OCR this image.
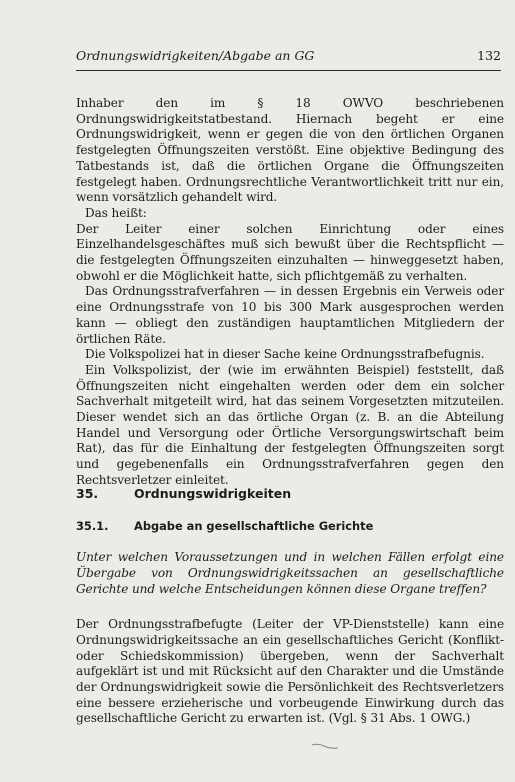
Ordnungswidrigkeiten/Abgabe an GG	132

Inhaber den im § 18 OWVO beschriebenen Ordnungswidrigkeitstatbestand. Hiernach begeht er eine Ordnungswidrigkeit, wenn er gegen die von den örtlichen Organen festgelegten Öffnungszeiten verstößt. Eine objektive Bedingung des Tatbestands ist, daß die örtlichen Organe die Öffnungszeiten festgelegt haben. Ordnungsrechtliche Verantwortlichkeit tritt nur ein, wenn vorsätzlich gehandelt wird.

Das heißt:

Der Leiter einer solchen Einrichtung oder eines Einzelhandelsgeschäftes muß sich bewußt über die Rechtspflicht — die festgelegten Öffnungszeiten einzuhalten — hinweggesetzt haben, obwohl er die Möglichkeit hatte, sich pflichtgemäß zu verhalten.

Das Ordnungsstrafverfahren — in dessen Ergebnis ein Verweis oder eine Ordnungsstrafe von 10 bis 300 Mark ausgesprochen werden kann — obliegt den zuständigen hauptamtlichen Mitgliedern der örtlichen Räte.

Die Volkspolizei hat in dieser Sache keine Ordnungsstrafbefugnis.

Ein Volkspolizist, der (wie im erwähnten Beispiel) feststellt, daß Öffnungszeiten nicht eingehalten werden oder dem ein solcher Sachverhalt mitgeteilt wird, hat das seinem Vorgesetzten mitzuteilen. Dieser wendet sich an das örtliche Organ (z. B. an die Abteilung Handel und Versorgung oder Örtliche Versorgungswirtschaft beim Rat), das für die Einhaltung der festgelegten Öffnungszeiten sorgt und gegebenenfalls ein Ordnungsstrafverfahren gegen den Rechtsverletzer einleitet.

35.	Ordnungswidrigkeiten
35.1. Abgabe an gesellschaftliche Gerichte

Unter welchen Voraussetzungen und in welchen Fällen erfolgt eine Übergabe von Ordnungswidrigkeitssachen an gesellschaftliche Gerichte und welche Entscheidungen können diese Organe treffen?

Der Ordnungsstrafbefugte (Leiter der VP-Dienststelle) kann eine Ordnungswidrigkeitssache an ein gesellschaftliches Gericht (Konflikt- oder Schiedskommission) übergeben, wenn der Sachverhalt aufgeklärt ist und mit Rücksicht auf den Charakter und die Umstände der Ordnungswidrigkeit sowie die Persönlichkeit des Rechtsverletzers eine bessere erzieherische und vorbeugende Einwirkung durch das gesellschaftliche Gericht zu erwarten ist. (Vgl. § 31 Abs. 1 OWG.)
